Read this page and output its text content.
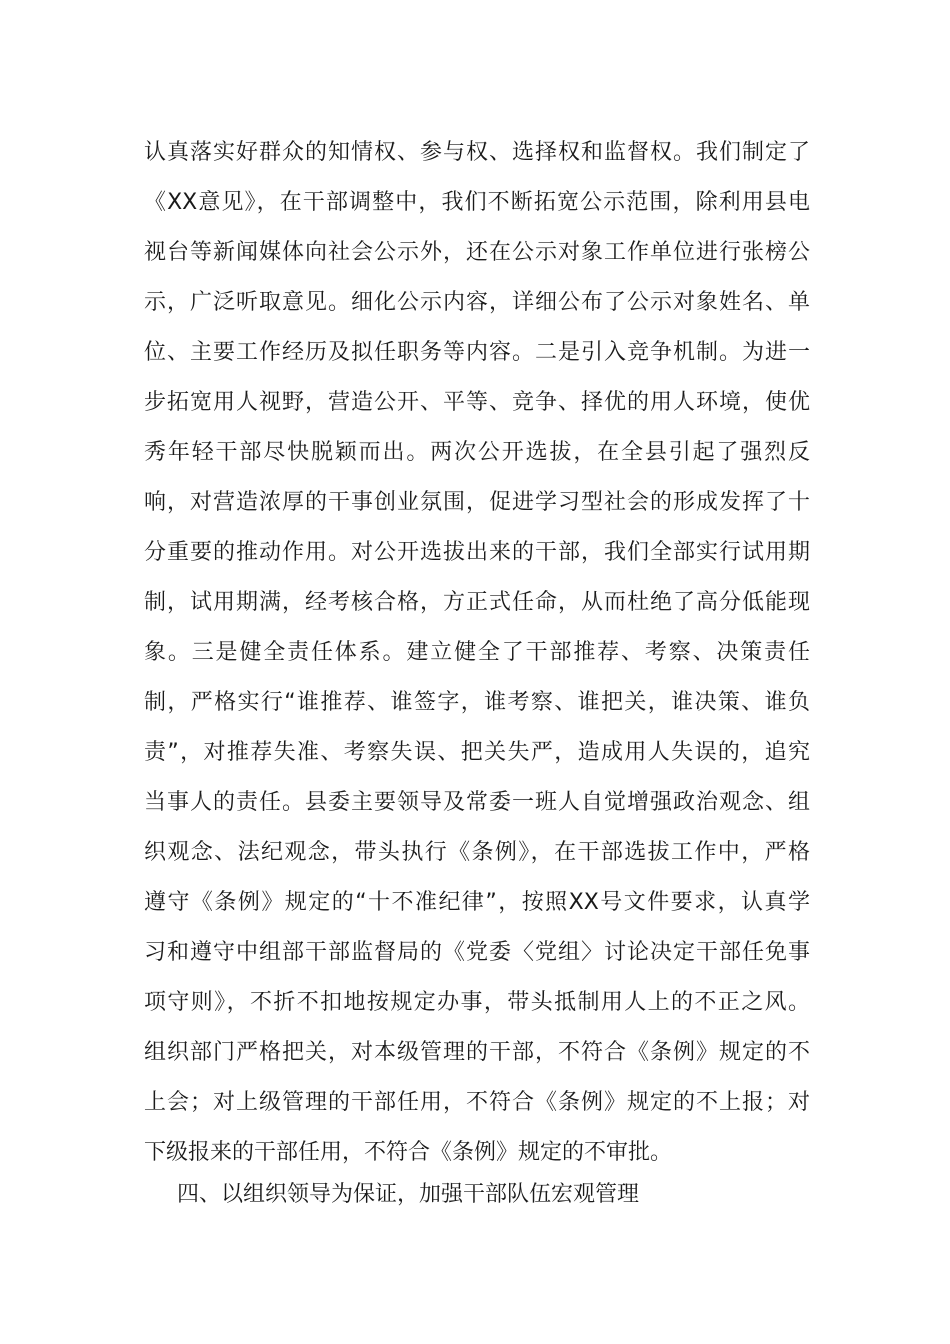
认真落实好群众的知情权、参与权、选择权和监督权。我们制定了
《XX意见》，在干部调整中，我们不断拓宽公示范围，除利用县电
视台等新闻媒体向社会公示外，还在公示对象工作单位进行张榜公
示，广泛听取意见。细化公示内容，详细公布了公示对象姓名、单
位、主要工作经历及拟任职务等内容。二是引入竞争机制。为进一
步拓宽用人视野，营造公开、平等、竞争、择优的用人环境，使优
秀年轻干部尽快脱颖而出。两次公开选拔，在全县引起了强烈反
响，对营造浓厚的干事创业氛围，促进学习型社会的形成发挥了十
分重要的推动作用。对公开选拔出来的干部，我们全部实行试用期
制，试用期满，经考核合格，方正式任命，从而杜绝了高分低能现
象。三是健全责任体系。建立健全了干部推荐、考察、决策责任
制，严格实行“谁推荐、谁签字，谁考察、谁把关，谁决策、谁负
责”，对推荐失准、考察失误、把关失严，造成用人失误的，追究
当事人的责任。县委主要领导及常委一班人自觉增强政治观念、组
织观念、法纪观念，带头执行《条例》，在干部选拔工作中，严格
遵守《条例》规定的“十不准纪律”，按照XX号文件要求，认真学
习和遵守中组部干部监督局的《党委〈党组〉讨论决定干部任免事
项守则》，不折不扣地按规定办事，带头抵制用人上的不正之风。
组织部门严格把关，对本级管理的干部，不符合《条例》规定的不
上会；对上级管理的干部任用，不符合《条例》规定的不上报；对
下级报来的干部任用，不符合《条例》规定的不审批。
四、以组织领导为保证，加强干部队伍宏观管理
